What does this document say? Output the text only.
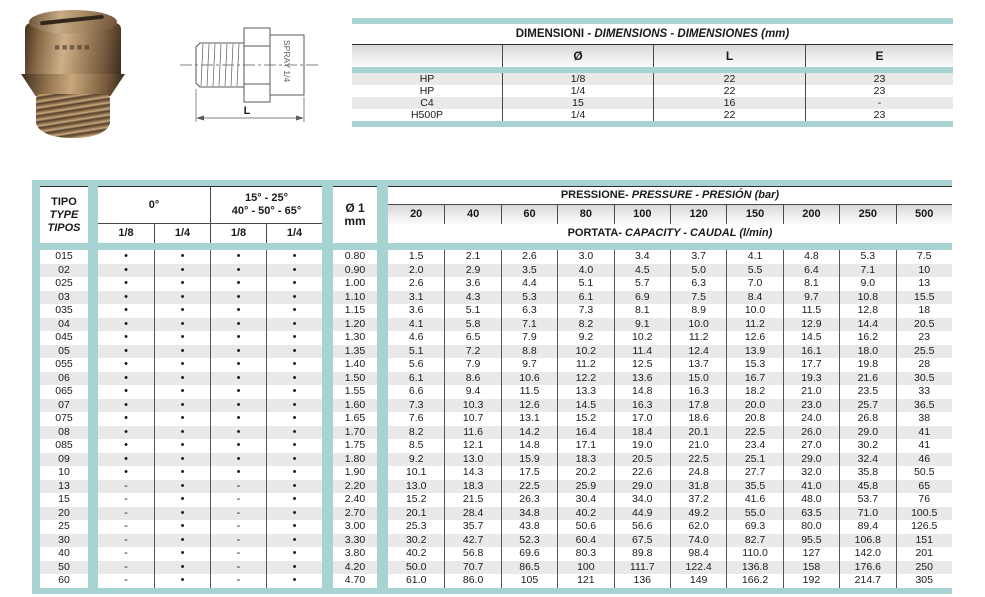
■■■■■	SPRAY 1/4
L
DIMENSIONI - DIMENSIONS - DIMENSIONES (mm)
Ø	L	E
HP	1/8	22	23
HP	1/4	22	23
C4	15	16	-
H500P	1/4	22	23
TIPO
TYPE
TIPOS
0°
15° - 25°
40° - 50° - 65°
1/8	1/4	1/8	1/4
Ø 1
mm
PRESSIONE - PRESSURE - PRESIÓN (bar)
20	40	60	80	100	120	150	200	250	500
PORTATA - CAPACITY - CAUDAL (l/min)
015	•	•	•	•	0.80	1.5	2.1	2.6	3.0	3.4	3.7	4.1	4.8	5.3	7.5
02	•	•	•	•	0.90	2.0	2.9	3.5	4.0	4.5	5.0	5.5	6.4	7.1	10
025	•	•	•	•	1.00	2.6	3.6	4.4	5.1	5.7	6.3	7.0	8.1	9.0	13
03	•	•	•	•	1.10	3.1	4.3	5.3	6.1	6.9	7.5	8.4	9.7	10.8	15.5
035	•	•	•	•	1.15	3.6	5.1	6.3	7.3	8.1	8.9	10.0	11.5	12.8	18
04	•	•	•	•	1.20	4.1	5.8	7.1	8.2	9.1	10.0	11.2	12.9	14.4	20.5
045	•	•	•	•	1.30	4.6	6.5	7.9	9.2	10.2	11.2	12.6	14.5	16.2	23
05	•	•	•	•	1.35	5.1	7.2	8.8	10.2	11.4	12.4	13.9	16.1	18.0	25.5
055	•	•	•	•	1.40	5.6	7.9	9.7	11.2	12.5	13.7	15.3	17.7	19.8	28
06	•	•	•	•	1.50	6.1	8.6	10.6	12.2	13.6	15.0	16.7	19.3	21.6	30.5
065	•	•	•	•	1.55	6.6	9.4	11.5	13.3	14.8	16.3	18.2	21.0	23.5	33
07	•	•	•	•	1.60	7.3	10.3	12.6	14.5	16.3	17.8	20.0	23.0	25.7	36.5
075	•	•	•	•	1.65	7.6	10.7	13.1	15.2	17.0	18.6	20.8	24.0	26.8	38
08	•	•	•	•	1.70	8.2	11.6	14.2	16.4	18.4	20.1	22.5	26.0	29.0	41
085	•	•	•	•	1.75	8.5	12.1	14.8	17.1	19.0	21.0	23.4	27.0	30.2	41
09	•	•	•	•	1.80	9.2	13.0	15.9	18.3	20.5	22.5	25.1	29.0	32.4	46
10	•	•	•	•	1.90	10.1	14.3	17.5	20.2	22.6	24.8	27.7	32.0	35.8	50.5
13	-	•	-	•	2.20	13.0	18.3	22.5	25.9	29.0	31.8	35.5	41.0	45.8	65
15	-	•	-	•	2.40	15.2	21.5	26.3	30.4	34.0	37.2	41.6	48.0	53.7	76
20	-	•	-	•	2.70	20.1	28.4	34.8	40.2	44.9	49.2	55.0	63.5	71.0	100.5
25	-	•	-	•	3.00	25.3	35.7	43.8	50.6	56.6	62.0	69.3	80.0	89.4	126.5
30	-	•	-	•	3.30	30.2	42.7	52.3	60.4	67.5	74.0	82.7	95.5	106.8	151
40	-	•	-	•	3.80	40.2	56.8	69.6	80.3	89.8	98.4	110.0	127	142.0	201
50	-	•	-	•	4.20	50.0	70.7	86.5	100	111.7	122.4	136.8	158	176.6	250
60	-	•	-	•	4.70	61.0	86.0	105	121	136	149	166.2	192	214.7	305
